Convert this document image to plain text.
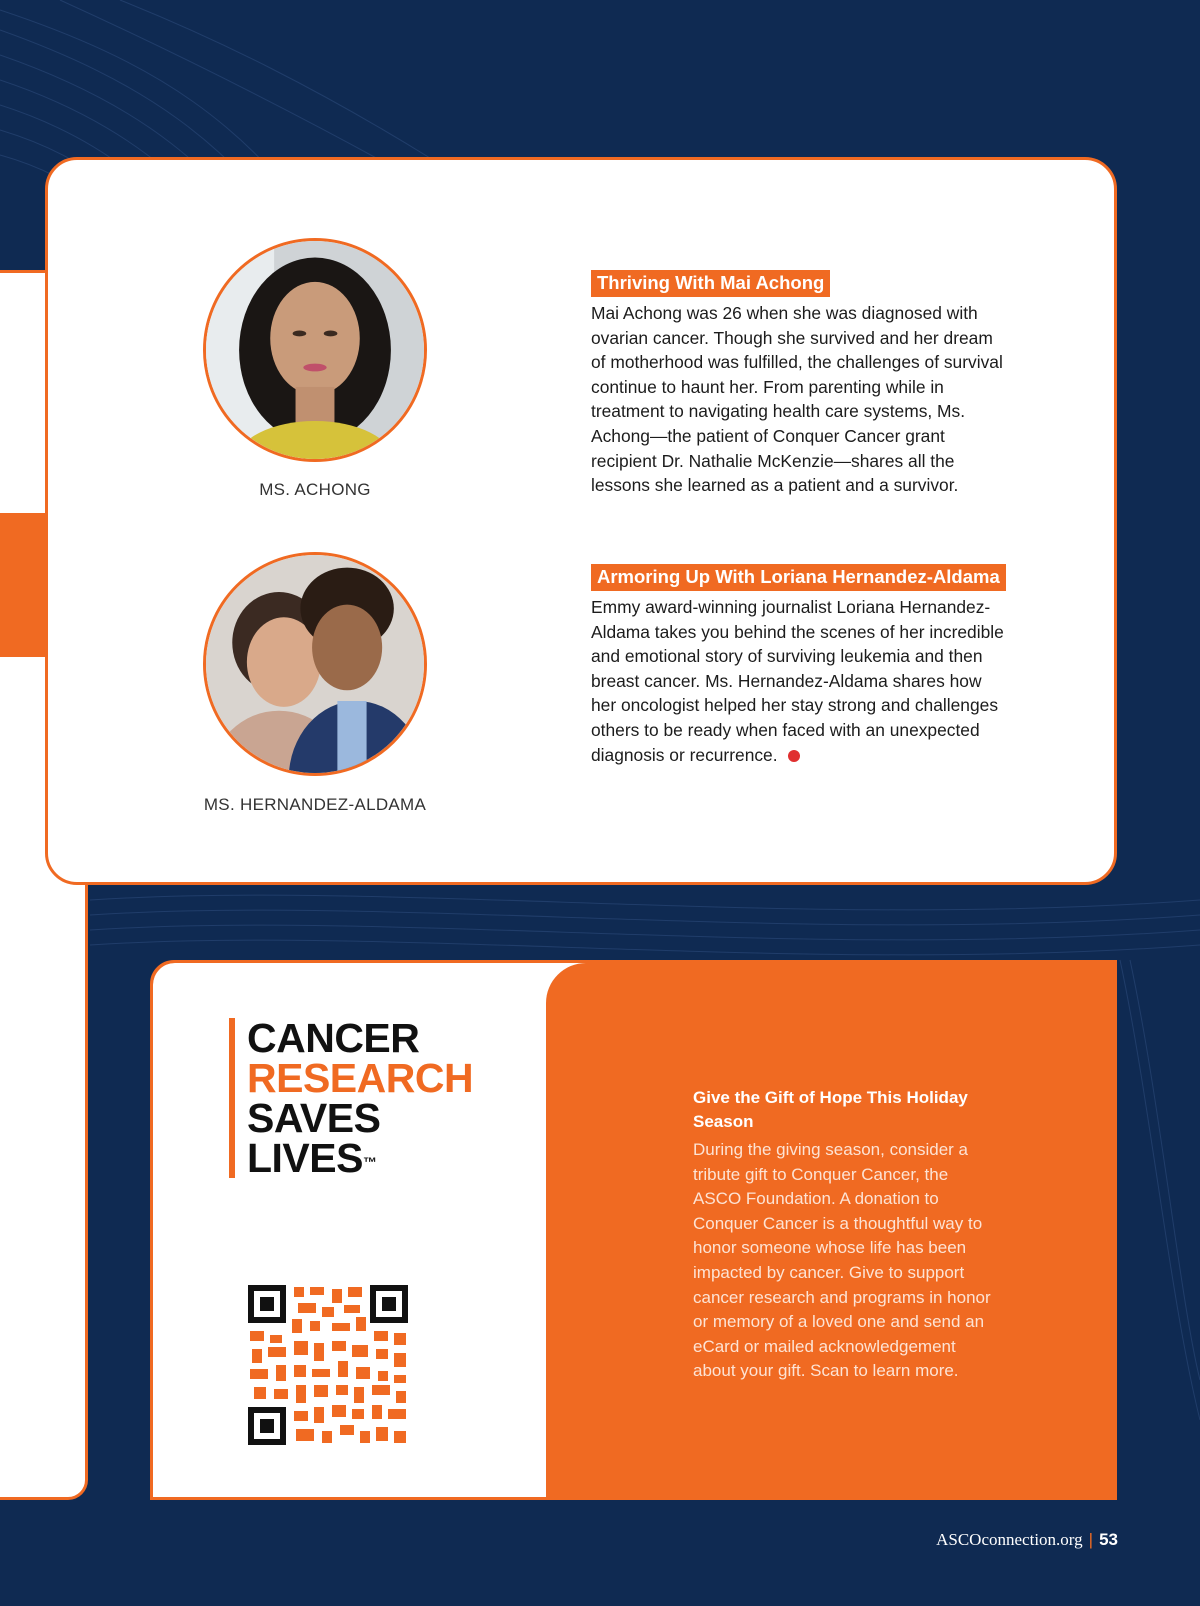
MS. ACHONG
MS. HERNANDEZ-ALDAMA
Thriving With Mai Achong

Mai Achong was 26 when she was diagnosed with ovarian cancer. Though she survived and her dream of motherhood was fulfilled, the challenges of survival continue to haunt her. From parenting while in treatment to navigating health care systems, Ms. Achong—the patient of Conquer Cancer grant recipient Dr. Nathalie McKenzie—shares all the lessons she learned as a patient and a survivor.

Armoring Up With Loriana Hernandez-Aldama

Emmy award-winning journalist Loriana Hernandez-Aldama takes you behind the scenes of her incredible and emotional story of surviving leukemia and then breast cancer. Ms. Hernandez-Aldama shares how her oncologist helped her stay strong and challenges others to be ready when faced with an unexpected diagnosis or recurrence.

CANCER
RESEARCH
SAVES
LIVES™
Give the Gift of Hope This Holiday Season

During the giving season, consider a tribute gift to Conquer Cancer, the ASCO Foundation. A donation to Conquer Cancer is a thoughtful way to honor someone whose life has been impacted by cancer. Give to support cancer research and programs in honor or memory of a loved one and send an eCard or mailed acknowledgement about your gift. Scan to learn more.

ASCOconnection.org | 53
